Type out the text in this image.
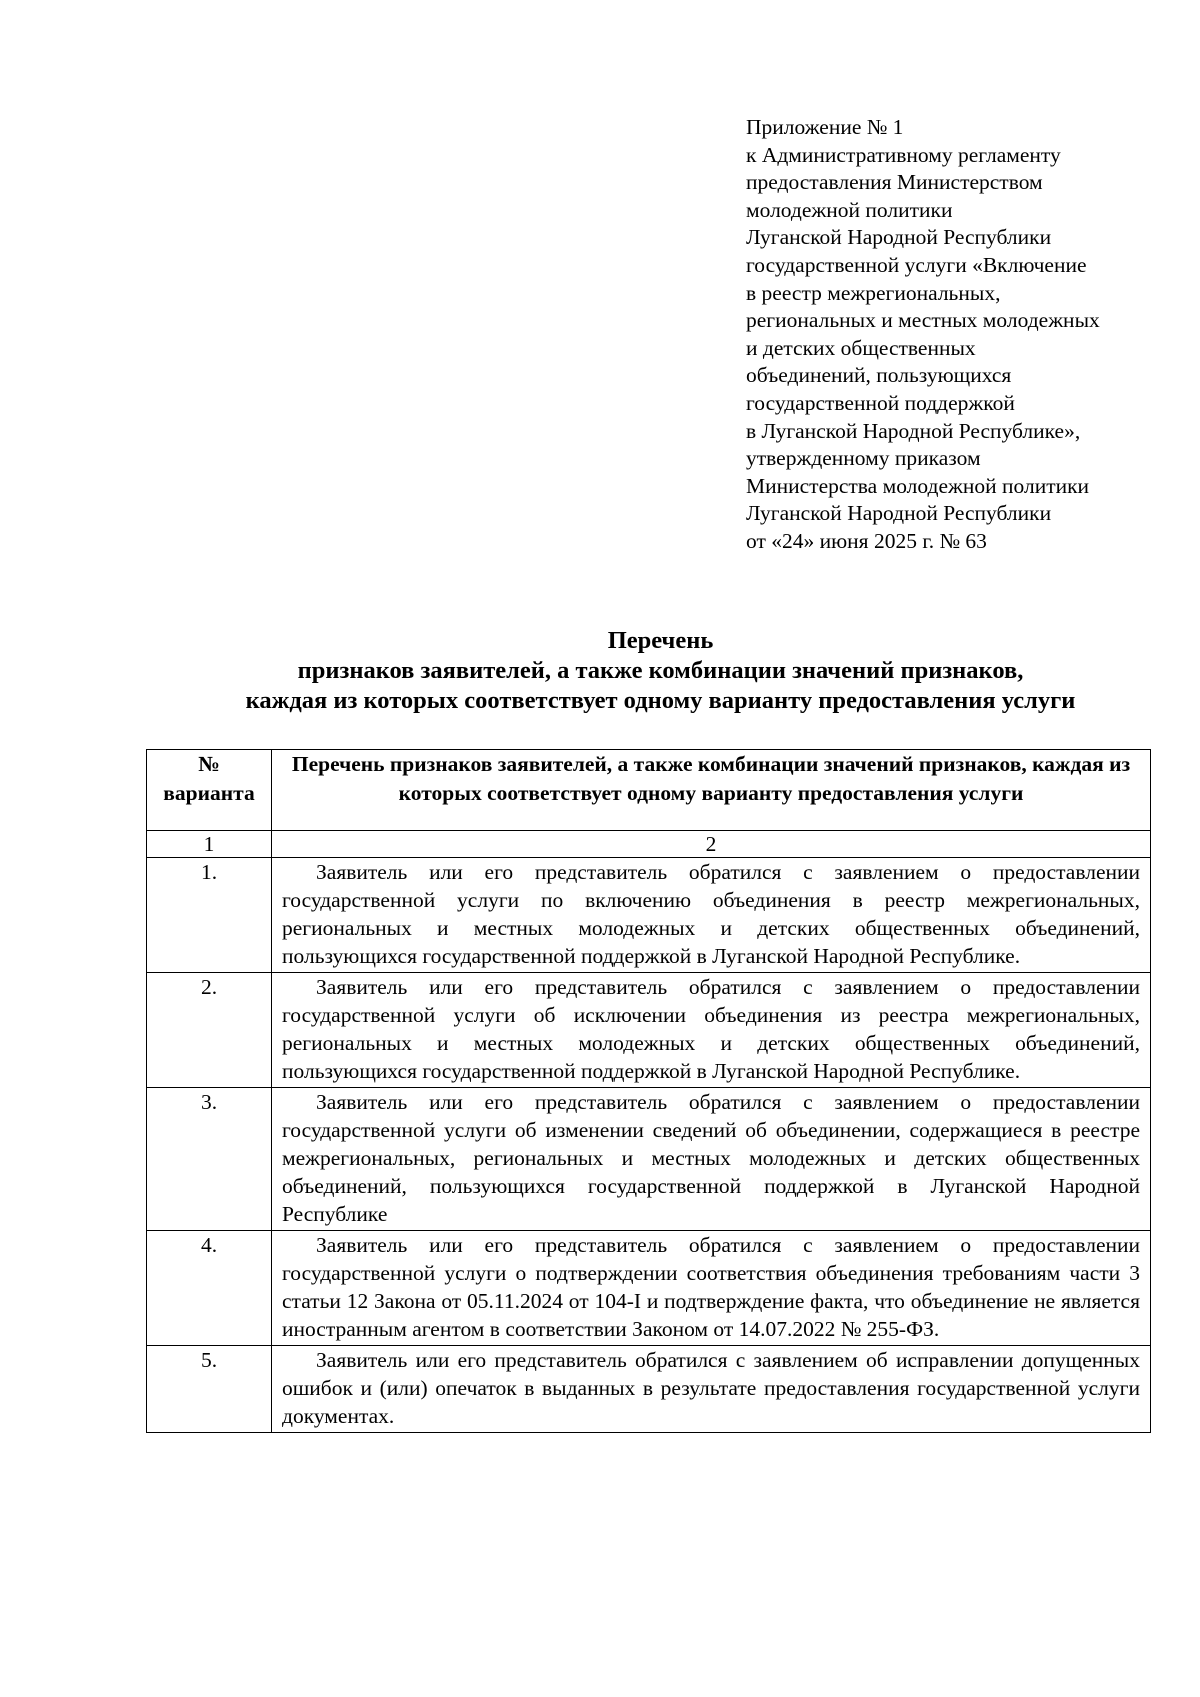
Приложение № 1
к Административному регламенту
предоставления Министерством
молодежной политики
Луганской Народной Республики
государственной услуги «Включение
в реестр межрегиональных,
региональных и местных молодежных
и детских общественных
объединений, пользующихся
государственной поддержкой
в Луганской Народной Республике»,
утвержденному приказом
Министерства молодежной политики
Луганской Народной Республики
от «24» июня 2025 г. № 63
Перечень
признаков заявителей, а также комбинации значений признаков,
каждая из которых соответствует одному варианту предоставления услуги
№ варианта	Перечень признаков заявителей, а также комбинации значений признаков, каждая из которых соответствует одному варианту предоставления услуги
1	2
1.	Заявитель или его представитель обратился с заявлением о предоставлении государственной услуги по включению объединения в реестр межрегиональных, региональных и местных молодежных и детских общественных объединений, пользующихся государственной поддержкой в Луганской Народной Республике.
2.	Заявитель или его представитель обратился с заявлением о предоставлении государственной услуги об исключении объединения из реестра межрегиональных, региональных и местных молодежных и детских общественных объединений, пользующихся государственной поддержкой в Луганской Народной Республике.
3.	Заявитель или его представитель обратился с заявлением о предоставлении государственной услуги об изменении сведений об объединении, содержащиеся в реестре межрегиональных, региональных и местных молодежных и детских общественных объединений, пользующихся государственной поддержкой в Луганской Народной Республике
4.	Заявитель или его представитель обратился с заявлением о предоставлении государственной услуги о подтверждении соответствия объединения требованиям части 3 статьи 12 Закона от 05.11.2024 от 104-I и подтверждение факта, что объединение не является иностранным агентом в соответствии Законом от 14.07.2022 № 255-ФЗ.
5.	Заявитель или его представитель обратился с заявлением об исправлении допущенных ошибок и (или) опечаток в выданных в результате предоставления государственной услуги документах.
